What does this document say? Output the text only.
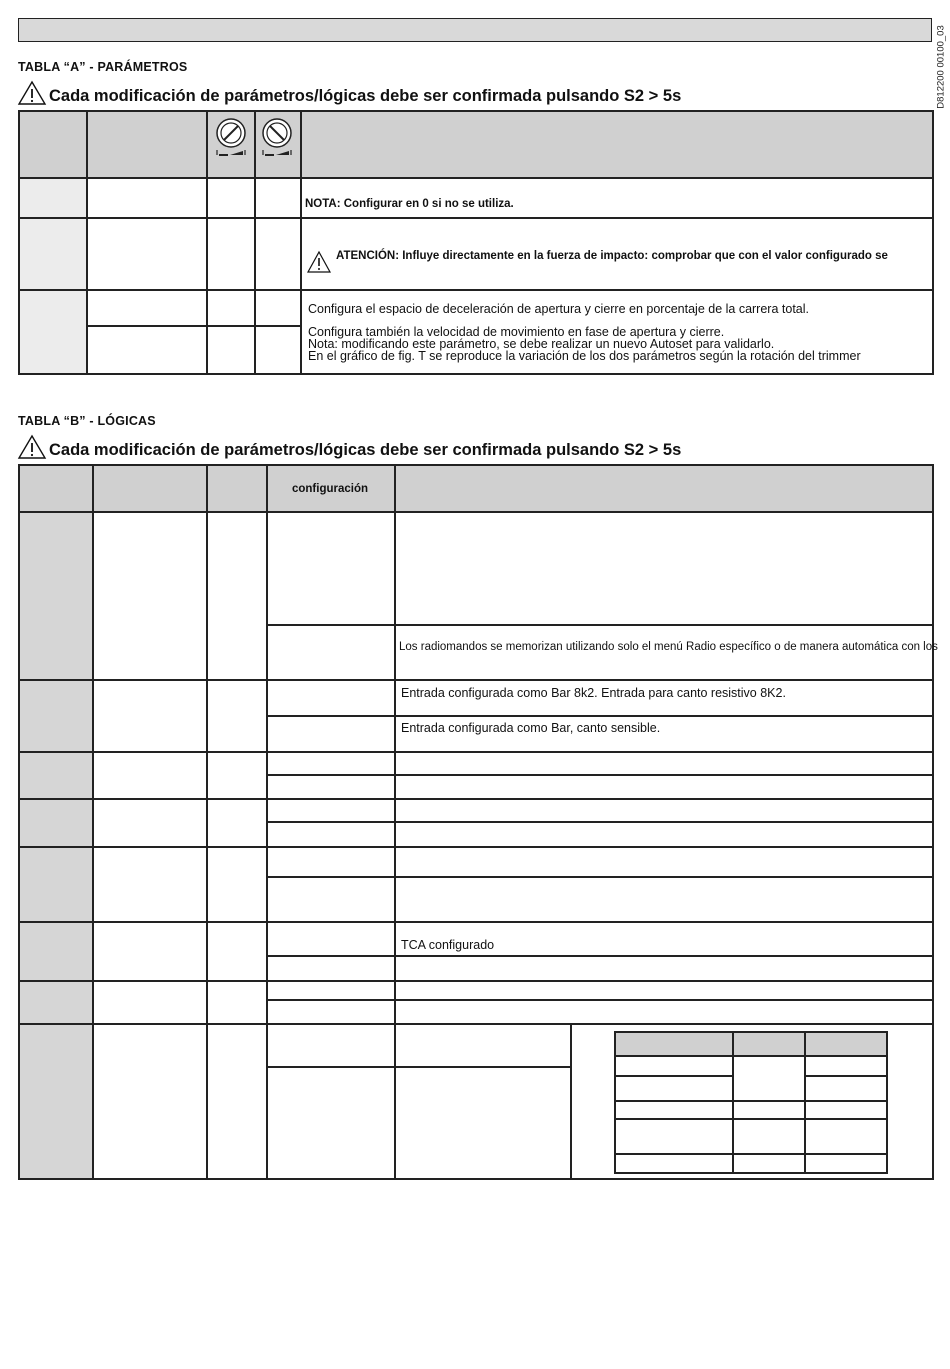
D812200 00100_03
TABLA “A” - PARÁMETROS
Cada modificación de parámetros/lógicas debe ser confirmada pulsando S2 > 5s
NOTA: Configurar en 0 si no se utiliza.
ATENCIÓN: Influye directamente en la fuerza de impacto: comprobar que con el valor configurado se
Configura el espacio de deceleración de apertura y cierre en porcentaje de la carrera total.
Configura también la velocidad de movimiento en fase de apertura y cierre.
Nota: modificando este parámetro, se debe realizar un nuevo Autoset para validarlo.
En el gráfico de fig. T se reproduce la variación de los dos parámetros según la rotación del trimmer
TABLA “B” - LÓGICAS
Cada modificación de parámetros/lógicas debe ser confirmada pulsando S2 > 5s
configuración
Los radiomandos se memorizan utilizando solo el menú Radio específico o de manera automática con los
Entrada configurada como Bar 8k2. Entrada para canto resistivo 8K2.
Entrada configurada como Bar, canto sensible.
TCA configurado
